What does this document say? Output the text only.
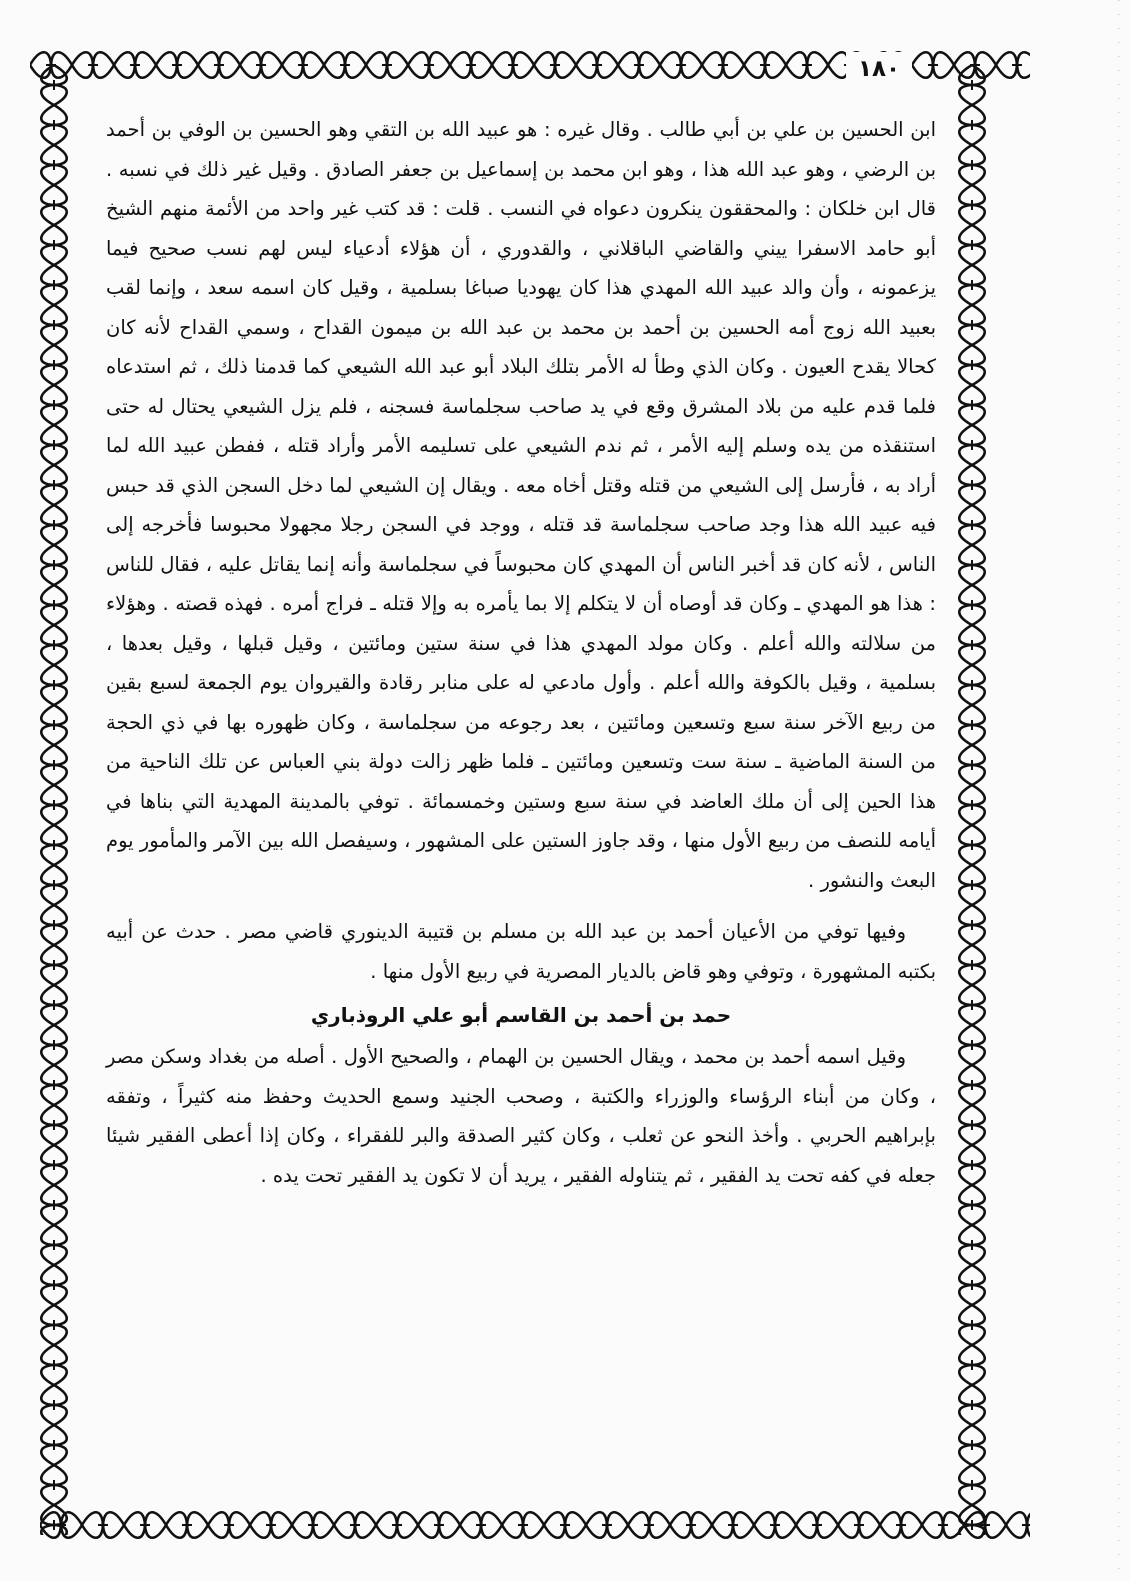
١٨٠

ابن الحسين بن علي بن أبي طالب . وقال غيره : هو عبيد الله بن التقي وهو الحسين بن الوفي بن أحمد بن الرضي ، وهو عبد الله هذا ، وهو ابن محمد بن إسماعيل بن جعفر الصادق . وقيل غير ذلك في نسبه . قال ابن خلكان : والمحققون ينكرون دعواه في النسب . قلت : قد كتب غير واحد من الأئمة منهم الشيخ أبو حامد الاسفرا ييني والقاضي الباقلاني ، والقدوري ، أن هؤلاء أدعياء ليس لهم نسب صحيح فيما يزعمونه ، وأن والد عبيد الله المهدي هذا كان يهوديا صباغا بسلمية ، وقيل كان اسمه سعد ، وإنما لقب بعبيد الله زوج أمه الحسين بن أحمد بن محمد بن عبد الله بن ميمون القداح ، وسمي القداح لأنه كان كحالا يقدح العيون . وكان الذي وطأ له الأمر بتلك البلاد أبو عبد الله الشيعي كما قدمنا ذلك ، ثم استدعاه فلما قدم عليه من بلاد المشرق وقع في يد صاحب سجلماسة فسجنه ، فلم يزل الشيعي يحتال له حتى استنقذه من يده وسلم إليه الأمر ، ثم ندم الشيعي على تسليمه الأمر وأراد قتله ، ففطن عبيد الله لما أراد به ، فأرسل إلى الشيعي من قتله وقتل أخاه معه . ويقال إن الشيعي لما دخل السجن الذي قد حبس فيه عبيد الله هذا وجد صاحب سجلماسة قد قتله ، ووجد في السجن رجلا مجهولا محبوسا فأخرجه إلى الناس ، لأنه كان قد أخبر الناس أن المهدي كان محبوساً في سجلماسة وأنه إنما يقاتل عليه ، فقال للناس : هذا هو المهدي ـ وكان قد أوصاه أن لا يتكلم إلا بما يأمره به وإلا قتله ـ فراج أمره . فهذه قصته . وهؤلاء من سلالته والله أعلم . وكان مولد المهدي هذا في سنة ستين ومائتين ، وقيل قبلها ، وقيل بعدها ، بسلمية ، وقيل بالكوفة والله أعلم . وأول مادعي له على منابر رقادة والقيروان يوم الجمعة لسبع بقين من ربيع الآخر سنة سبع وتسعين ومائتين ، بعد رجوعه من سجلماسة ، وكان ظهوره بها في ذي الحجة من السنة الماضية ـ سنة ست وتسعين ومائتين ـ فلما ظهر زالت دولة بني العباس عن تلك الناحية من هذا الحين إلى أن ملك العاضد في سنة سبع وستين وخمسمائة . توفي بالمدينة المهدية التي بناها في أيامه للنصف من ربيع الأول منها ، وقد جاوز الستين على المشهور ، وسيفصل الله بين الآمر والمأمور يوم البعث والنشور .

وفيها توفي من الأعيان أحمد بن عبد الله بن مسلم بن قتيبة الدينوري قاضي مصر . حدث عن أبيه بكتبه المشهورة ، وتوفي وهو قاض بالديار المصرية في ربيع الأول منها .

حمد بن أحمد بن القاسم أبو علي الروذباري

وقيل اسمه أحمد بن محمد ، ويقال الحسين بن الهمام ، والصحيح الأول . أصله من بغداد وسكن مصر ، وكان من أبناء الرؤساء والوزراء والكتبة ، وصحب الجنيد وسمع الحديث وحفظ منه كثيراً ، وتفقه بإبراهيم الحربي . وأخذ النحو عن ثعلب ، وكان كثير الصدقة والبر للفقراء ، وكان إذا أعطى الفقير شيئا جعله في كفه تحت يد الفقير ، ثم يتناوله الفقير ، يريد أن لا تكون يد الفقير تحت يده .
